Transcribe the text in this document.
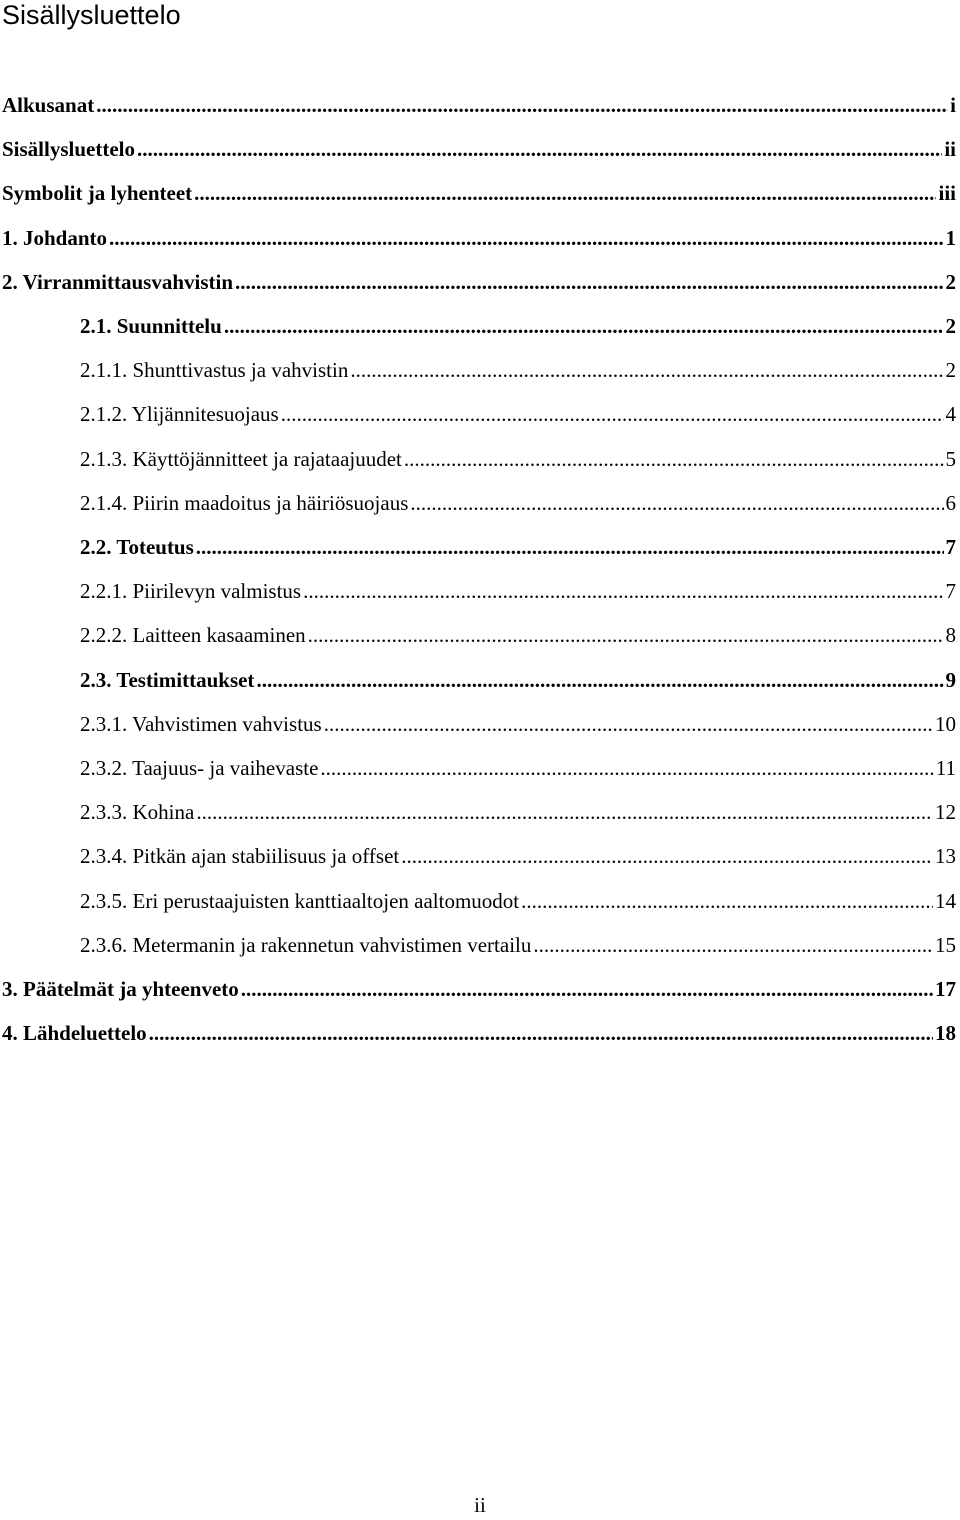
Sisällysluettelo
Alkusanat .....	i
Sisällysluettelo .....	ii
Symbolit ja lyhenteet .....	iii
1. Johdanto .....	1
2. Virranmittausvahvistin .....	2
2.1. Suunnittelu .....	2
2.1.1. Shunttivastus ja vahvistin .....	2
2.1.2. Ylijännitesuojaus .....	4
2.1.3. Käyttöjännitteet ja rajataajuudet .....	5
2.1.4. Piirin maadoitus ja häiriösuojaus .....	6
2.2. Toteutus .....	7
2.2.1. Piirilevyn valmistus .....	7
2.2.2. Laitteen kasaaminen .....	8
2.3. Testimittaukset .....	9
2.3.1. Vahvistimen vahvistus .....	10
2.3.2. Taajuus- ja vaihevaste .....	11
2.3.3. Kohina .....	12
2.3.4. Pitkän ajan stabiilisuus ja offset .....	13
2.3.5. Eri perustaajuisten kanttiaaltojen aaltomuodot .....	14
2.3.6. Metermanin ja rakennetun vahvistimen vertailu .....	15
3. Päätelmät ja yhteenveto .....	17
4. Lähdeluettelo .....	18
ii
